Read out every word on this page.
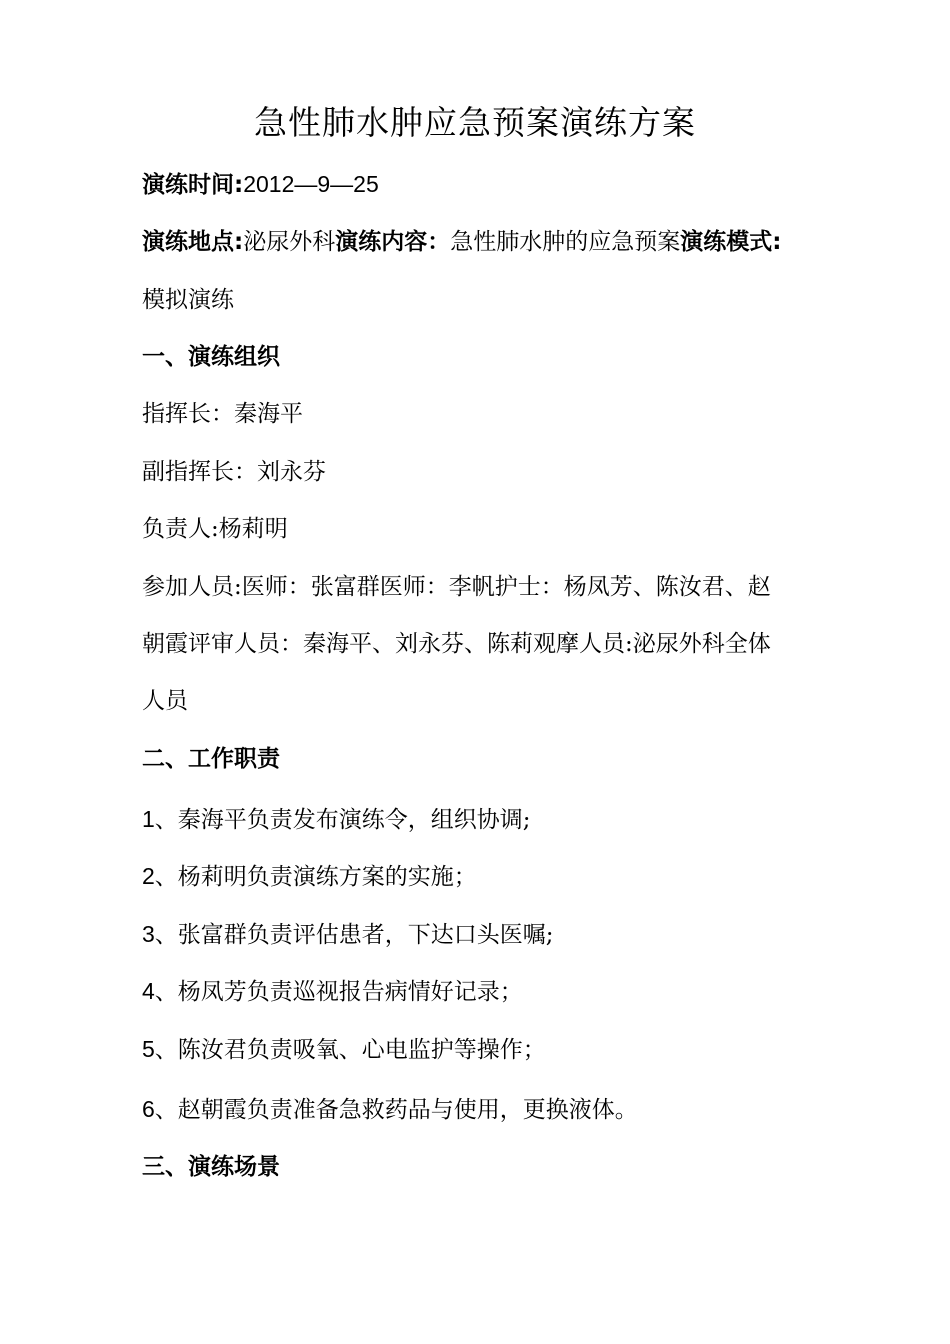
急性肺水肿应急预案演练方案
演练时间:2012—9—25
演练地点:泌尿外科演练内容：急性肺水肿的应急预案演练模式:
模拟演练
一、演练组织
指挥长：秦海平
副指挥长：刘永芬
负责人:杨莉明
参加人员:医师：张富群医师：李帆护士：杨凤芳、陈汝君、赵
朝霞评审人员：秦海平、刘永芬、陈莉观摩人员:泌尿外科全体
人员
二、工作职责
1、秦海平负责发布演练令，组织协调;
2、杨莉明负责演练方案的实施；
3、张富群负责评估患者，下达口头医嘱;
4、杨凤芳负责巡视报告病情好记录；
5、陈汝君负责吸氧、心电监护等操作；
6、赵朝霞负责准备急救药品与使用，更换液体。
三、演练场景
